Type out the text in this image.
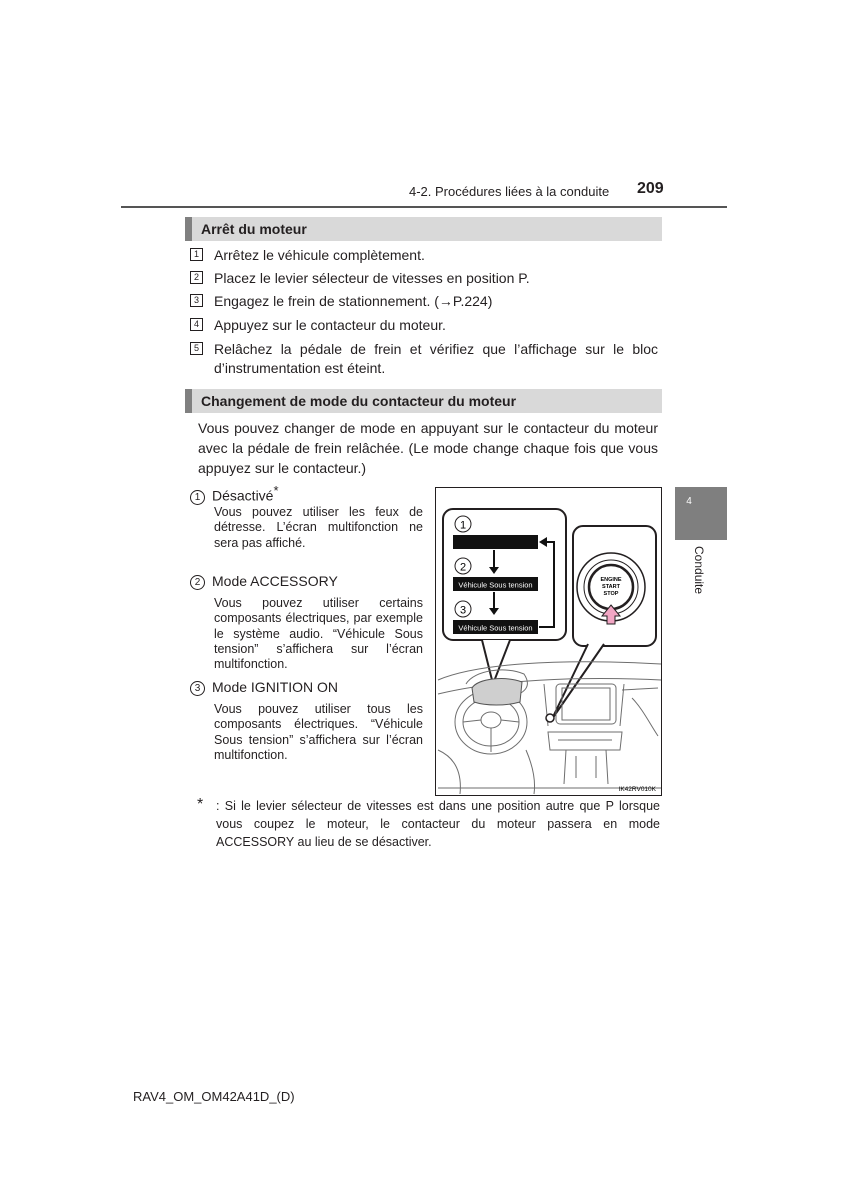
4-2. Procédures liées à la conduite 209
Arrêt du moteur
1 Arrêtez le véhicule complètement.
2 Placez le levier sélecteur de vitesses en position P.
3 Engagez le frein de stationnement. (→P.224)
4 Appuyez sur le contacteur du moteur.
5 Relâchez la pédale de frein et vérifiez que l’affichage sur le bloc d’instrumentation est éteint.
Changement de mode du contacteur du moteur
Vous pouvez changer de mode en appuyant sur le contacteur du moteur avec la pédale de frein relâchée. (Le mode change chaque fois que vous appuyez sur le contacteur.)
1 Désactivé*
Vous pouvez utiliser les feux de détresse. L’écran multifonction ne sera pas affiché.
2 Mode ACCESSORY
Vous pouvez utiliser certains composants électriques, par exemple le système audio. “Véhicule Sous tension” s’affichera sur l’écran multifonction.
3 Mode IGNITION ON
Vous pouvez utiliser tous les composants électriques. “Véhicule Sous tension” s’affichera sur l’écran multifonction.
1
2
Véhicule Sous tension
3
Véhicule Sous tension
ENGINE
START
STOP
IK42RV010K
* : Si le levier sélecteur de vitesses est dans une position autre que P lorsque vous coupez le moteur, le contacteur du moteur passera en mode ACCESSORY au lieu de se désactiver.
4
Conduite
RAV4_OM_OM42A41D_(D)
